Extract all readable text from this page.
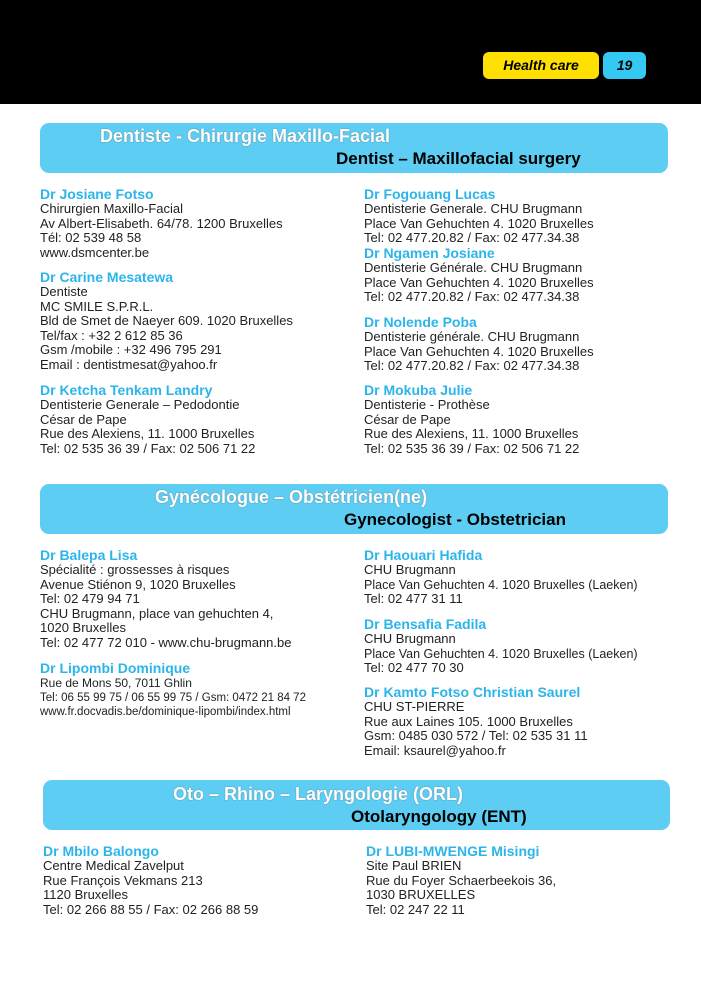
Health care	19
Dentiste - Chirurgie Maxillo-Facial
Dentist – Maxillofacial surgery
Dr Josiane Fotso
Chirurgien Maxillo-Facial
Av Albert-Elisabeth. 64/78. 1200 Bruxelles
Tél: 02 539 48 58
www.dsmcenter.be
Dr Carine Mesatewa
Dentiste
MC SMILE S.P.R.L.
Bld de Smet de Naeyer 609. 1020 Bruxelles
Tel/fax : +32 2 612 85 36
Gsm /mobile : +32 496 795 291
Email : dentistmesat@yahoo.fr
Dr Ketcha Tenkam Landry
Dentisterie Generale – Pedodontie
César de Pape
Rue des Alexiens, 11. 1000 Bruxelles
Tel: 02 535 36 39 / Fax: 02 506 71 22
Dr Fogouang Lucas
Dentisterie Generale. CHU Brugmann
Place Van Gehuchten 4. 1020 Bruxelles
Tel: 02 477.20.82 / Fax: 02 477.34.38
Dr Ngamen Josiane
Dentisterie Générale. CHU Brugmann
Place Van Gehuchten 4. 1020 Bruxelles
Tel: 02 477.20.82 / Fax: 02 477.34.38
Dr Nolende Poba
Dentisterie générale. CHU Brugmann
Place Van Gehuchten 4. 1020 Bruxelles
Tel: 02 477.20.82 / Fax: 02 477.34.38
Dr Mokuba Julie
Dentisterie - Prothèse
César de Pape
Rue des Alexiens, 11. 1000 Bruxelles
Tel: 02 535 36 39 / Fax: 02 506 71 22
Gynécologue – Obstétricien(ne)
Gynecologist - Obstetrician
Dr Balepa Lisa
Spécialité : grossesses à risques
Avenue Stiénon 9, 1020 Bruxelles
Tel: 02 479 94 71
CHU Brugmann, place van gehuchten 4,
1020 Bruxelles
Tel: 02 477 72 010 - www.chu-brugmann.be
Dr Lipombi Dominique
Rue de Mons 50, 7011 Ghlin
Tel: 06 55 99 75 / 06 55 99 75 / Gsm: 0472 21 84 72
www.fr.docvadis.be/dominique-lipombi/index.html
Dr Haouari Hafida
CHU Brugmann
Place Van Gehuchten 4. 1020 Bruxelles (Laeken)
Tel: 02 477 31 11
Dr Bensafia Fadila
CHU Brugmann
Place Van Gehuchten 4. 1020 Bruxelles (Laeken)
Tel: 02 477 70 30
Dr Kamto Fotso Christian Saurel
CHU ST-PIERRE
Rue aux Laines 105. 1000 Bruxelles
Gsm: 0485 030 572 / Tel: 02 535 31 11
Email: ksaurel@yahoo.fr
Oto – Rhino – Laryngologie (ORL)
Otolaryngology (ENT)
Dr Mbilo Balongo
Centre Medical Zavelput
Rue François Vekmans 213
1120 Bruxelles
Tel: 02 266 88 55 / Fax: 02 266 88 59
Dr LUBI-MWENGE Misingi
Site Paul BRIEN
Rue du Foyer Schaerbeekois 36,
1030 BRUXELLES
Tel: 02 247 22 11
